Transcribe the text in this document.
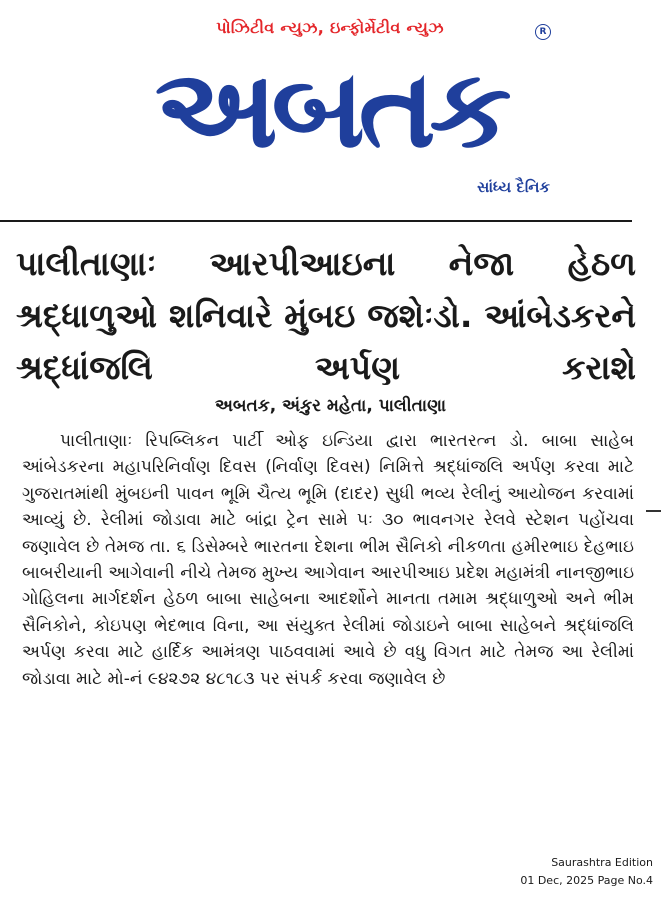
પોઝિટીવ ન્યુઝ, ઇન્ફોર્મેટીવ ન્યુઝ	R
અબતક
સાંધ્ય દૈનિક
પાલીતાણાઃ આરપીઆઇના નેજા હેઠળ શ્રદ્ધાળુઓ શનિવારે મુંબઇ જશેઃડો. આંબેડકરને શ્રદ્ધાંજલિ અર્પણ કરાશે
અબતક, અંકુર મહેતા, પાલીતાણા

પાલીતાણાઃ રિપબ્લિકન પાર્ટી ઓફ ઇન્ડિયા દ્વારા ભારતરત્ન ડો. બાબા સાહેબ આંબેડકરના મહાપરિનિર્વાણ દિવસ (નિર્વાણ દિવસ) નિમિત્તે શ્રદ્ધાંજલિ અર્પણ કરવા માટે ગુજરાતમાંથી મુંબઇની પાવન ભૂમિ ચૈત્ય ભૂમિ (દાદર) સુધી ભવ્ય રેલીનું આયોજન કરવામાં આવ્યું છે. રેલીમાં જોડાવા માટે બાંદ્રા ટ્રેન સામે ૫ઃ ૩૦ ભાવનગર રેલવે સ્ટેશન પહોંચવા જણાવેલ છે તેમજ તા. ૬ ડિસેમ્બરે ભારતના દેશના ભીમ સૈનિકો નીકળતા હમીરભાઇ દેહભાઇ બાબરીયાની આગેવાની નીચે તેમજ મુખ્ય આગેવાન આરપીઆઇ પ્રદેશ મહામંત્રી નાનજીભાઇ ગોહિલના માર્ગદર્શન હેઠળ બાબા સાહેબના આદર્શોને માનતા તમામ શ્રદ્ધાળુઓ અને ભીમ સૈનિકોને, કોઇપણ ભેદભાવ વિના, આ સંયુક્ત રેલીમાં જોડાઇને બાબા સાહેબને શ્રદ્ધાંજલિ અર્પણ કરવા માટે હાર્દિક આમંત્રણ પાઠવવામાં આવે છે વધુ વિગત માટે તેમજ આ રેલીમાં જોડાવા માટે મો-નં ૯૪૨૭૨ ૪૮૧૮૩ પર સંપર્ક કરવા જણાવેલ છે

Saurashtra Edition
01 Dec, 2025 Page No.4
